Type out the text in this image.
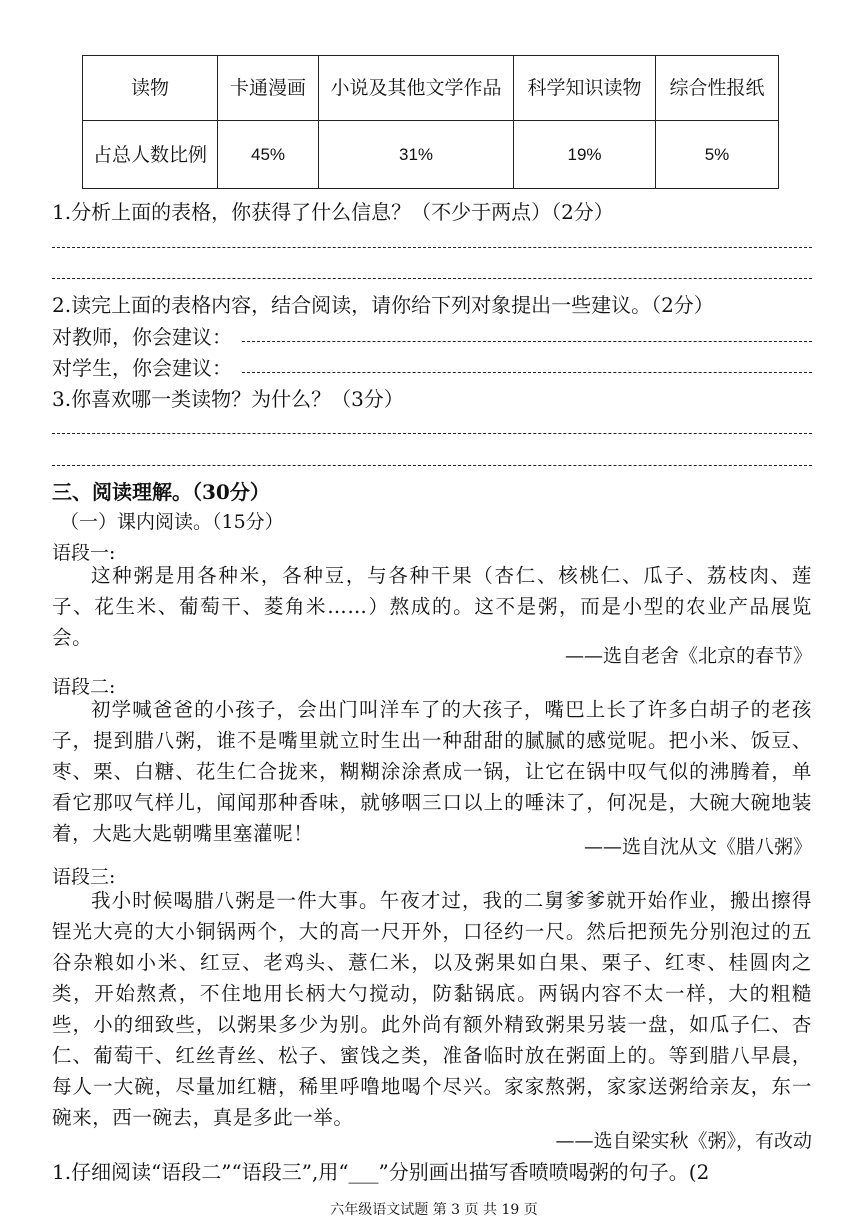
读物	卡通漫画	小说及其他文学作品	科学知识读物	综合性报纸
占总人数比例	45%	31%	19%	5%
1.分析上面的表格，你获得了什么信息？（不少于两点）（2分）
2.读完上面的表格内容，结合阅读，请你给下列对象提出一些建议。（2分）
对教师，你会建议：
对学生，你会建议：
3.你喜欢哪一类读物？为什么？（3分）
三、阅读理解。（30分）
（一）课内阅读。（15分）
语段一:
这种粥是用各种米，各种豆，与各种干果（杏仁、核桃仁、瓜子、荔枝肉、莲子、花生米、葡萄干、菱角米……）熬成的。这不是粥，而是小型的农业产品展览会。
——选自老舍《北京的春节》
语段二:
初学喊爸爸的小孩子，会出门叫洋车了的大孩子，嘴巴上长了许多白胡子的老孩子，提到腊八粥，谁不是嘴里就立时生出一种甜甜的腻腻的感觉呢。把小米、饭豆、枣、栗、白糖、花生仁合拢来，糊糊涂涂煮成一锅，让它在锅中叹气似的沸腾着，单看它那叹气样儿，闻闻那种香味，就够咽三口以上的唾沫了，何况是，大碗大碗地装着，大匙大匙朝嘴里塞灌呢！
——选自沈从文《腊八粥》
语段三:
我小时候喝腊八粥是一件大事。午夜才过，我的二舅爹爹就开始作业，搬出擦得锃光大亮的大小铜锅两个，大的高一尺开外，口径约一尺。然后把预先分别泡过的五谷杂粮如小米、红豆、老鸡头、薏仁米，以及粥果如白果、栗子、红枣、桂圆肉之类，开始熬煮，不住地用长柄大勺搅动，防黏锅底。两锅内容不太一样，大的粗糙些，小的细致些，以粥果多少为别。此外尚有额外精致粥果另装一盘，如瓜子仁、杏仁、葡萄干、红丝青丝、松子、蜜饯之类，准备临时放在粥面上的。等到腊八早晨，每人一大碗，尽量加红糖，稀里呼噜地喝个尽兴。家家熬粥，家家送粥给亲友，东一碗来，西一碗去，真是多此一举。
——选自梁实秋《粥》，有改动
1.仔细阅读“语段二”“语段三”,用“___”分别画出描写香喷喷喝粥的句子。(2
六年级语文试题 第 3 页 共 19 页
